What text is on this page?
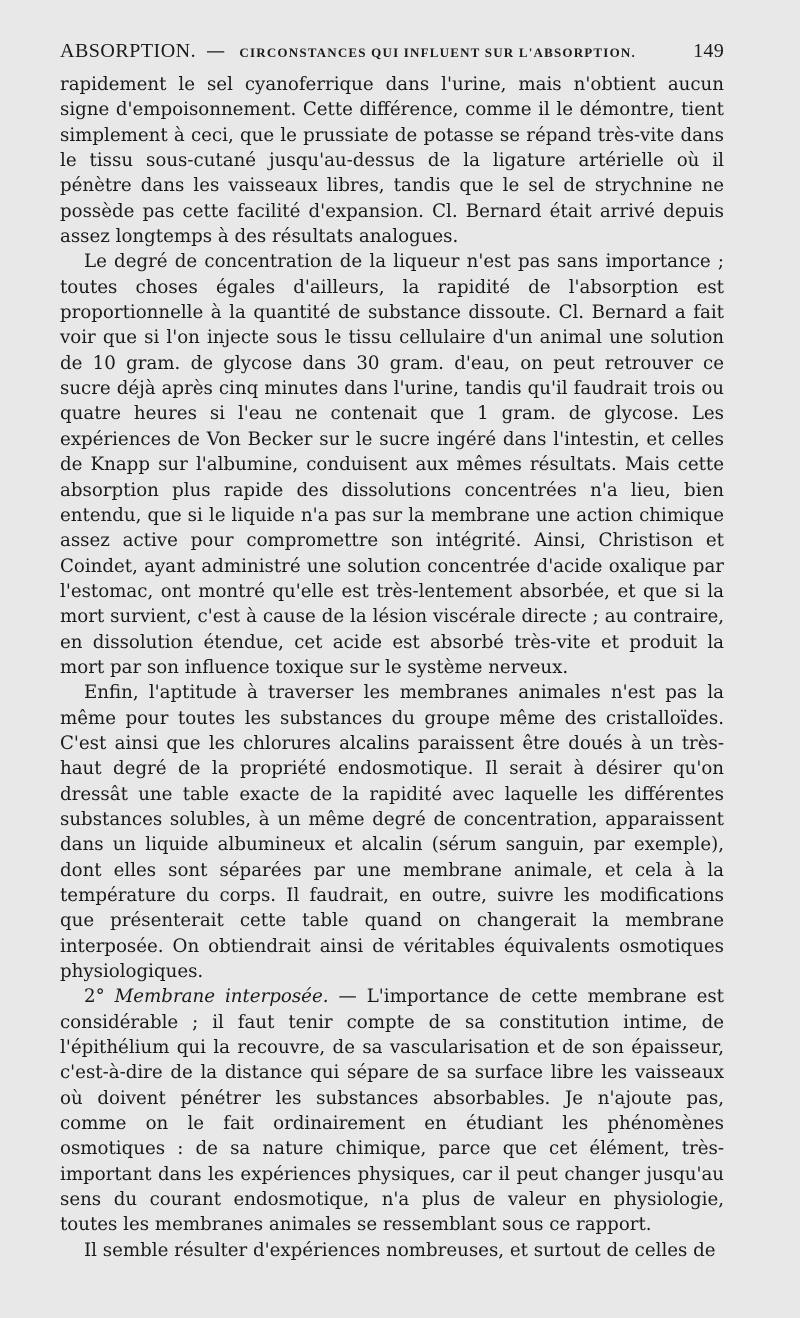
ABSORPTION. — CIRCONSTANCES QUI INFLUENT SUR L'ABSORPTION.	149

rapidement le sel cyanoferrique dans l'urine, mais n'obtient aucun signe d'empoisonnement. Cette différence, comme il le démontre, tient simplement à ceci, que le prussiate de potasse se répand très-vite dans le tissu sous-cutané jusqu'au-dessus de la ligature artérielle où il pénètre dans les vaisseaux libres, tandis que le sel de strychnine ne possède pas cette facilité d'expansion. Cl. Bernard était arrivé depuis assez longtemps à des résultats analogues.

Le degré de concentration de la liqueur n'est pas sans importance ; toutes choses égales d'ailleurs, la rapidité de l'absorption est proportionnelle à la quantité de substance dissoute. Cl. Bernard a fait voir que si l'on injecte sous le tissu cellulaire d'un animal une solution de 10 gram. de glycose dans 30 gram. d'eau, on peut retrouver ce sucre déjà après cinq minutes dans l'urine, tandis qu'il faudrait trois ou quatre heures si l'eau ne contenait que 1 gram. de glycose. Les expériences de Von Becker sur le sucre ingéré dans l'intestin, et celles de Knapp sur l'albumine, conduisent aux mêmes résultats. Mais cette absorption plus rapide des dissolutions concentrées n'a lieu, bien entendu, que si le liquide n'a pas sur la membrane une action chimique assez active pour compromettre son intégrité. Ainsi, Christison et Coindet, ayant administré une solution concentrée d'acide oxalique par l'estomac, ont montré qu'elle est très-lentement absorbée, et que si la mort survient, c'est à cause de la lésion viscérale directe ; au contraire, en dissolution étendue, cet acide est absorbé très-vite et produit la mort par son influence toxique sur le système nerveux.

Enfin, l'aptitude à traverser les membranes animales n'est pas la même pour toutes les substances du groupe même des cristalloïdes. C'est ainsi que les chlorures alcalins paraissent être doués à un très-haut degré de la propriété endosmotique. Il serait à désirer qu'on dressât une table exacte de la rapidité avec laquelle les différentes substances solubles, à un même degré de concentration, apparaissent dans un liquide albumineux et alcalin (sérum sanguin, par exemple), dont elles sont séparées par une membrane animale, et cela à la température du corps. Il faudrait, en outre, suivre les modifications que présenterait cette table quand on changerait la membrane interposée. On obtiendrait ainsi de véritables équivalents osmotiques physiologiques.

2° Membrane interposée. — L'importance de cette membrane est considérable ; il faut tenir compte de sa constitution intime, de l'épithélium qui la recouvre, de sa vascularisation et de son épaisseur, c'est-à-dire de la distance qui sépare de sa surface libre les vaisseaux où doivent pénétrer les substances absorbables. Je n'ajoute pas, comme on le fait ordinairement en étudiant les phénomènes osmotiques : de sa nature chimique, parce que cet élément, très-important dans les expériences physiques, car il peut changer jusqu'au sens du courant endosmotique, n'a plus de valeur en physiologie, toutes les membranes animales se ressemblant sous ce rapport.

Il semble résulter d'expériences nombreuses, et surtout de celles de
